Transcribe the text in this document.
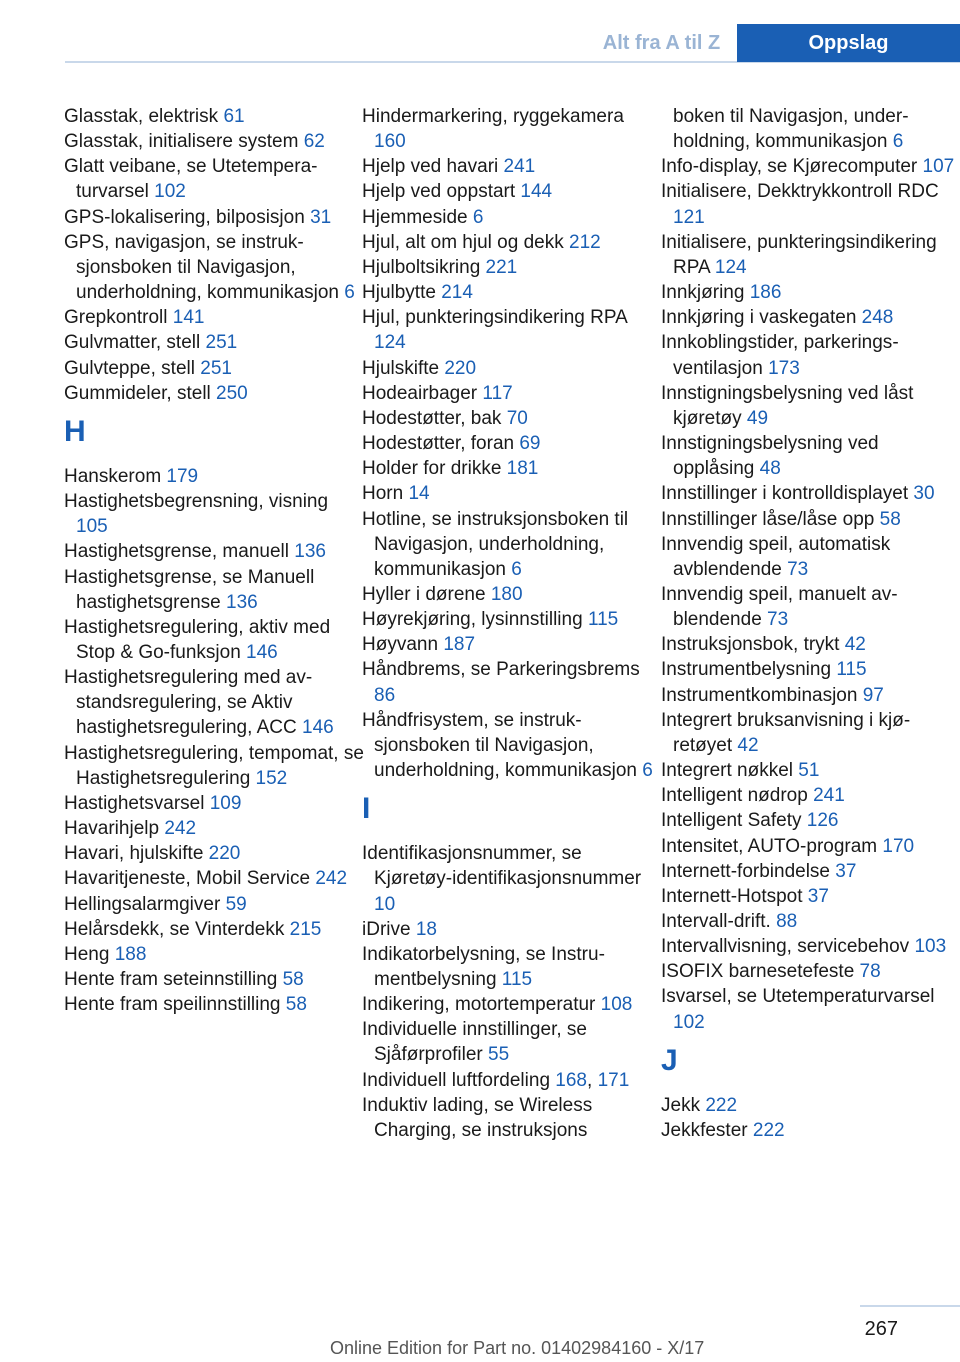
Alt fra A til Z	Oppslag
Glasstak, elektrisk 61
Glasstak, initialisere system 62
Glatt veibane, se Utetemperaturvarsel 102
GPS-lokalisering, bilposisjon 31
GPS, navigasjon, se instruksjonsboken til Navigasjon, underholdning, kommunikasjon 6
Grepkontroll 141
Gulvmatter, stell 251
Gulvteppe, stell 251
Gummideler, stell 250
H
Hanskerom 179
Hastighetsbegrensning, visning 105
Hastighetsgrense, manuell 136
Hastighetsgrense, se Manuell hastighetsgrense 136
Hastighetsregulering, aktiv med Stop & Go-funksjon 146
Hastighetsregulering med avstandsregulering, se Aktiv hastighetsregulering, ACC 146
Hastighetsregulering, tempomat, se Hastighetsregulering 152
Hastighetsvarsel 109
Havarihjelp 242
Havari, hjulskifte 220
Havaritjeneste, Mobil Service 242
Hellingsalarmgiver 59
Helårsdekk, se Vinterdekk 215
Heng 188
Hente fram seteinnstilling 58
Hente fram speilinnstilling 58
Hindermarkering, ryggekamera 160
Hjelp ved havari 241
Hjelp ved oppstart 144
Hjemmeside 6
Hjul, alt om hjul og dekk 212
Hjulboltsikring 221
Hjulbytte 214
Hjul, punkteringsindikering RPA 124
Hjulskifte 220
Hodeairbager 117
Hodestøtter, bak 70
Hodestøtter, foran 69
Holder for drikke 181
Horn 14
Hotline, se instruksjonsboken til Navigasjon, underholdning, kommunikasjon 6
Hyller i dørene 180
Høyrekjøring, lysinnstilling 115
Høyvann 187
Håndbrems, se Parkeringsbrems 86
Håndfrisystem, se instruksjonsboken til Navigasjon, underholdning, kommunikasjon 6
I
Identifikasjonsnummer, se Kjøretøy-identifikasjonsnummer 10
iDrive 18
Indikatorbelysning, se Instrumentbelysning 115
Indikering, motortemperatur 108
Individuelle innstillinger, se Sjåførprofiler 55
Individuell luftfordeling 168, 171
Induktiv lading, se Wireless Charging, se instruksjons
boken til Navigasjon, underholdning, kommunikasjon 6
Info-display, se Kjørecomputer 107
Initialisere, Dekktrykkontroll RDC 121
Initialisere, punkteringsindikering RPA 124
Innkjøring 186
Innkjøring i vaskegaten 248
Innkoblingstider, parkeringsventilasjon 173
Innstigningsbelysning ved låst kjøretøy 49
Innstigningsbelysning ved opplåsing 48
Innstillinger i kontrolldisplayet 30
Innstillinger låse/låse opp 58
Innvendig speil, automatisk avblendende 73
Innvendig speil, manuelt avblendende 73
Instruksjonsbok, trykt 42
Instrumentbelysning 115
Instrumentkombinasjon 97
Integrert bruksanvisning i kjøretøyet 42
Integrert nøkkel 51
Intelligent nødrop 241
Intelligent Safety 126
Intensitet, AUTO-program 170
Internett-forbindelse 37
Internett-Hotspot 37
Intervall-drift. 88
Intervallvisning, servicebehov 103
ISOFIX barnesetefeste 78
Isvarsel, se Utetemperaturvarsel 102
J
Jekk 222
Jekkfester 222
267
Online Edition for Part no. 01402984160 - X/17
